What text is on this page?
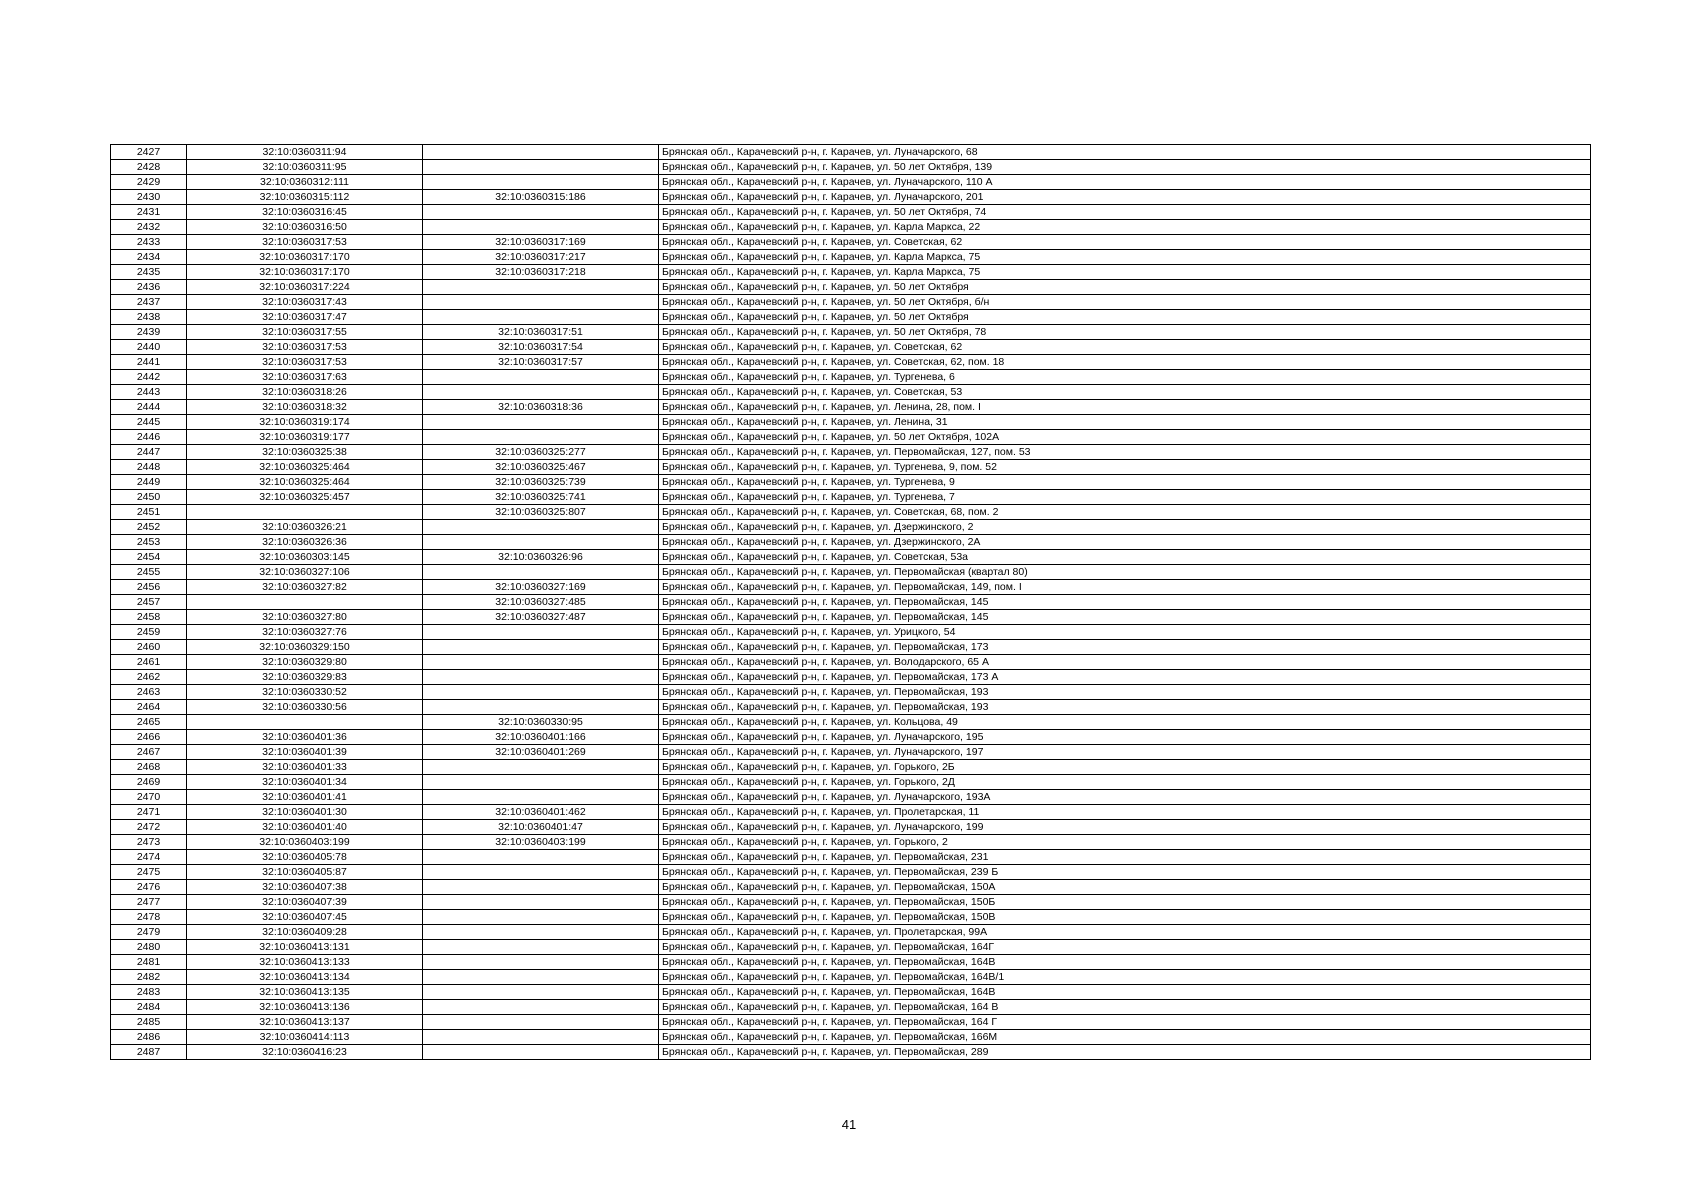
2427	32:10:0360311:94		Брянская обл., Карачевский р-н, г. Карачев, ул. Луначарского, 68
2428	32:10:0360311:95		Брянская обл., Карачевский р-н, г. Карачев, ул. 50 лет Октября, 139
2429	32:10:0360312:111		Брянская обл., Карачевский р-н, г. Карачев, ул. Луначарского, 110 А
2430	32:10:0360315:112	32:10:0360315:186	Брянская обл., Карачевский р-н, г. Карачев, ул. Луначарского, 201
2431	32:10:0360316:45		Брянская обл., Карачевский р-н, г. Карачев, ул. 50 лет Октября, 74
2432	32:10:0360316:50		Брянская обл., Карачевский р-н, г. Карачев, ул. Карла Маркса, 22
2433	32:10:0360317:53	32:10:0360317:169	Брянская обл., Карачевский р-н, г. Карачев, ул. Советская, 62
2434	32:10:0360317:170	32:10:0360317:217	Брянская обл., Карачевский р-н, г. Карачев, ул. Карла Маркса, 75
2435	32:10:0360317:170	32:10:0360317:218	Брянская обл., Карачевский р-н, г. Карачев, ул. Карла Маркса, 75
2436	32:10:0360317:224		Брянская обл., Карачевский р-н, г. Карачев, ул. 50 лет Октября
2437	32:10:0360317:43		Брянская обл., Карачевский р-н, г. Карачев, ул. 50 лет Октября, б/н
2438	32:10:0360317:47		Брянская обл., Карачевский р-н, г. Карачев, ул. 50 лет Октября
2439	32:10:0360317:55	32:10:0360317:51	Брянская обл., Карачевский р-н, г. Карачев, ул. 50 лет Октября, 78
2440	32:10:0360317:53	32:10:0360317:54	Брянская обл., Карачевский р-н, г. Карачев, ул. Советская, 62
2441	32:10:0360317:53	32:10:0360317:57	Брянская обл., Карачевский р-н, г. Карачев, ул. Советская, 62, пом. 18
2442	32:10:0360317:63		Брянская обл., Карачевский р-н, г. Карачев, ул. Тургенева, 6
2443	32:10:0360318:26		Брянская обл., Карачевский р-н, г. Карачев, ул. Советская, 53
2444	32:10:0360318:32	32:10:0360318:36	Брянская обл., Карачевский р-н, г. Карачев, ул. Ленина, 28, пом. I
2445	32:10:0360319:174		Брянская обл., Карачевский р-н, г. Карачев, ул. Ленина, 31
2446	32:10:0360319:177		Брянская обл., Карачевский р-н, г. Карачев, ул. 50 лет Октября, 102А
2447	32:10:0360325:38	32:10:0360325:277	Брянская обл., Карачевский р-н, г. Карачев, ул. Первомайская, 127, пом. 53
2448	32:10:0360325:464	32:10:0360325:467	Брянская обл., Карачевский р-н, г. Карачев, ул. Тургенева, 9, пом. 52
2449	32:10:0360325:464	32:10:0360325:739	Брянская обл., Карачевский р-н, г. Карачев, ул. Тургенева, 9
2450	32:10:0360325:457	32:10:0360325:741	Брянская обл., Карачевский р-н, г. Карачев, ул. Тургенева, 7
2451		32:10:0360325:807	Брянская обл., Карачевский р-н, г. Карачев, ул. Советская, 68, пом. 2
2452	32:10:0360326:21		Брянская обл., Карачевский р-н, г. Карачев, ул. Дзержинского, 2
2453	32:10:0360326:36		Брянская обл., Карачевский р-н, г. Карачев, ул. Дзержинского, 2А
2454	32:10:0360303:145	32:10:0360326:96	Брянская обл., Карачевский р-н, г. Карачев, ул. Советская, 53а
2455	32:10:0360327:106		Брянская обл., Карачевский р-н, г. Карачев, ул. Первомайская (квартал 80)
2456	32:10:0360327:82	32:10:0360327:169	Брянская обл., Карачевский р-н, г. Карачев, ул. Первомайская, 149, пом. I
2457		32:10:0360327:485	Брянская обл., Карачевский р-н, г. Карачев, ул. Первомайская, 145
2458	32:10:0360327:80	32:10:0360327:487	Брянская обл., Карачевский р-н, г. Карачев, ул. Первомайская, 145
2459	32:10:0360327:76		Брянская обл., Карачевский р-н, г. Карачев, ул. Урицкого, 54
2460	32:10:0360329:150		Брянская обл., Карачевский р-н, г. Карачев, ул. Первомайская, 173
2461	32:10:0360329:80		Брянская обл., Карачевский р-н, г. Карачев, ул. Володарского, 65 А
2462	32:10:0360329:83		Брянская обл., Карачевский р-н, г. Карачев, ул. Первомайская, 173 А
2463	32:10:0360330:52		Брянская обл., Карачевский р-н, г. Карачев, ул. Первомайская, 193
2464	32:10:0360330:56		Брянская обл., Карачевский р-н, г. Карачев, ул. Первомайская, 193
2465		32:10:0360330:95	Брянская обл., Карачевский р-н, г. Карачев, ул. Кольцова, 49
2466	32:10:0360401:36	32:10:0360401:166	Брянская обл., Карачевский р-н, г. Карачев, ул. Луначарского, 195
2467	32:10:0360401:39	32:10:0360401:269	Брянская обл., Карачевский р-н, г. Карачев, ул. Луначарского, 197
2468	32:10:0360401:33		Брянская обл., Карачевский р-н, г. Карачев, ул. Горького, 2Б
2469	32:10:0360401:34		Брянская обл., Карачевский р-н, г. Карачев, ул. Горького, 2Д
2470	32:10:0360401:41		Брянская обл., Карачевский р-н, г. Карачев, ул. Луначарского, 193А
2471	32:10:0360401:30	32:10:0360401:462	Брянская обл., Карачевский р-н, г. Карачев, ул. Пролетарская, 11
2472	32:10:0360401:40	32:10:0360401:47	Брянская обл., Карачевский р-н, г. Карачев, ул. Луначарского, 199
2473	32:10:0360403:199	32:10:0360403:199	Брянская обл., Карачевский р-н, г. Карачев, ул. Горького, 2
2474	32:10:0360405:78		Брянская обл., Карачевский р-н, г. Карачев, ул. Первомайская, 231
2475	32:10:0360405:87		Брянская обл., Карачевский р-н, г. Карачев, ул. Первомайская, 239 Б
2476	32:10:0360407:38		Брянская обл., Карачевский р-н, г. Карачев, ул. Первомайская, 150А
2477	32:10:0360407:39		Брянская обл., Карачевский р-н, г. Карачев, ул. Первомайская, 150Б
2478	32:10:0360407:45		Брянская обл., Карачевский р-н, г. Карачев, ул. Первомайская, 150В
2479	32:10:0360409:28		Брянская обл., Карачевский р-н, г. Карачев, ул. Пролетарская, 99А
2480	32:10:0360413:131		Брянская обл., Карачевский р-н, г. Карачев, ул. Первомайская, 164Г
2481	32:10:0360413:133		Брянская обл., Карачевский р-н, г. Карачев, ул. Первомайская, 164В
2482	32:10:0360413:134		Брянская обл., Карачевский р-н, г. Карачев, ул. Первомайская, 164В/1
2483	32:10:0360413:135		Брянская обл., Карачевский р-н, г. Карачев, ул. Первомайская, 164В
2484	32:10:0360413:136		Брянская обл., Карачевский р-н, г. Карачев, ул. Первомайская, 164 В
2485	32:10:0360413:137		Брянская обл., Карачевский р-н, г. Карачев, ул. Первомайская, 164 Г
2486	32:10:0360414:113		Брянская обл., Карачевский р-н, г. Карачев, ул. Первомайская, 166М
2487	32:10:0360416:23		Брянская обл., Карачевский р-н, г. Карачев, ул. Первомайская, 289
41
